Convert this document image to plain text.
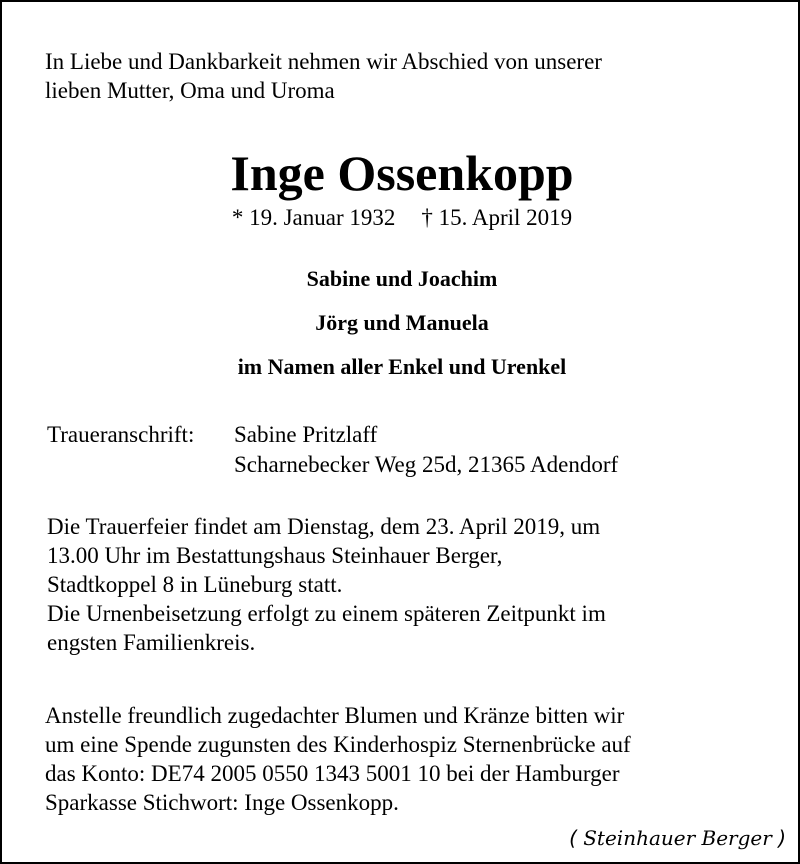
In Liebe und Dankbarkeit nehmen wir Abschied von unserer
lieben Mutter, Oma und Uroma
Inge Ossenkopp
* 19. Januar 1932 † 15. April 2019
Sabine und Joachim
Jörg und Manuela
im Namen aller Enkel und Urenkel
Traueranschrift: Sabine Pritzlaff
Scharnebecker Weg 25d, 21365 Adendorf
Die Trauerfeier findet am Dienstag, dem 23. April 2019, um
13.00 Uhr im Bestattungshaus Steinhauer Berger,
Stadtkoppel 8 in Lüneburg statt.
Die Urnenbeisetzung erfolgt zu einem späteren Zeitpunkt im
engsten Familienkreis.
Anstelle freundlich zugedachter Blumen und Kränze bitten wir
um eine Spende zugunsten des Kinderhospiz Sternenbrücke auf
das Konto: DE74 2005 0550 1343 5001 10 bei der Hamburger
Sparkasse Stichwort: Inge Ossenkopp.
( Steinhauer Berger )
